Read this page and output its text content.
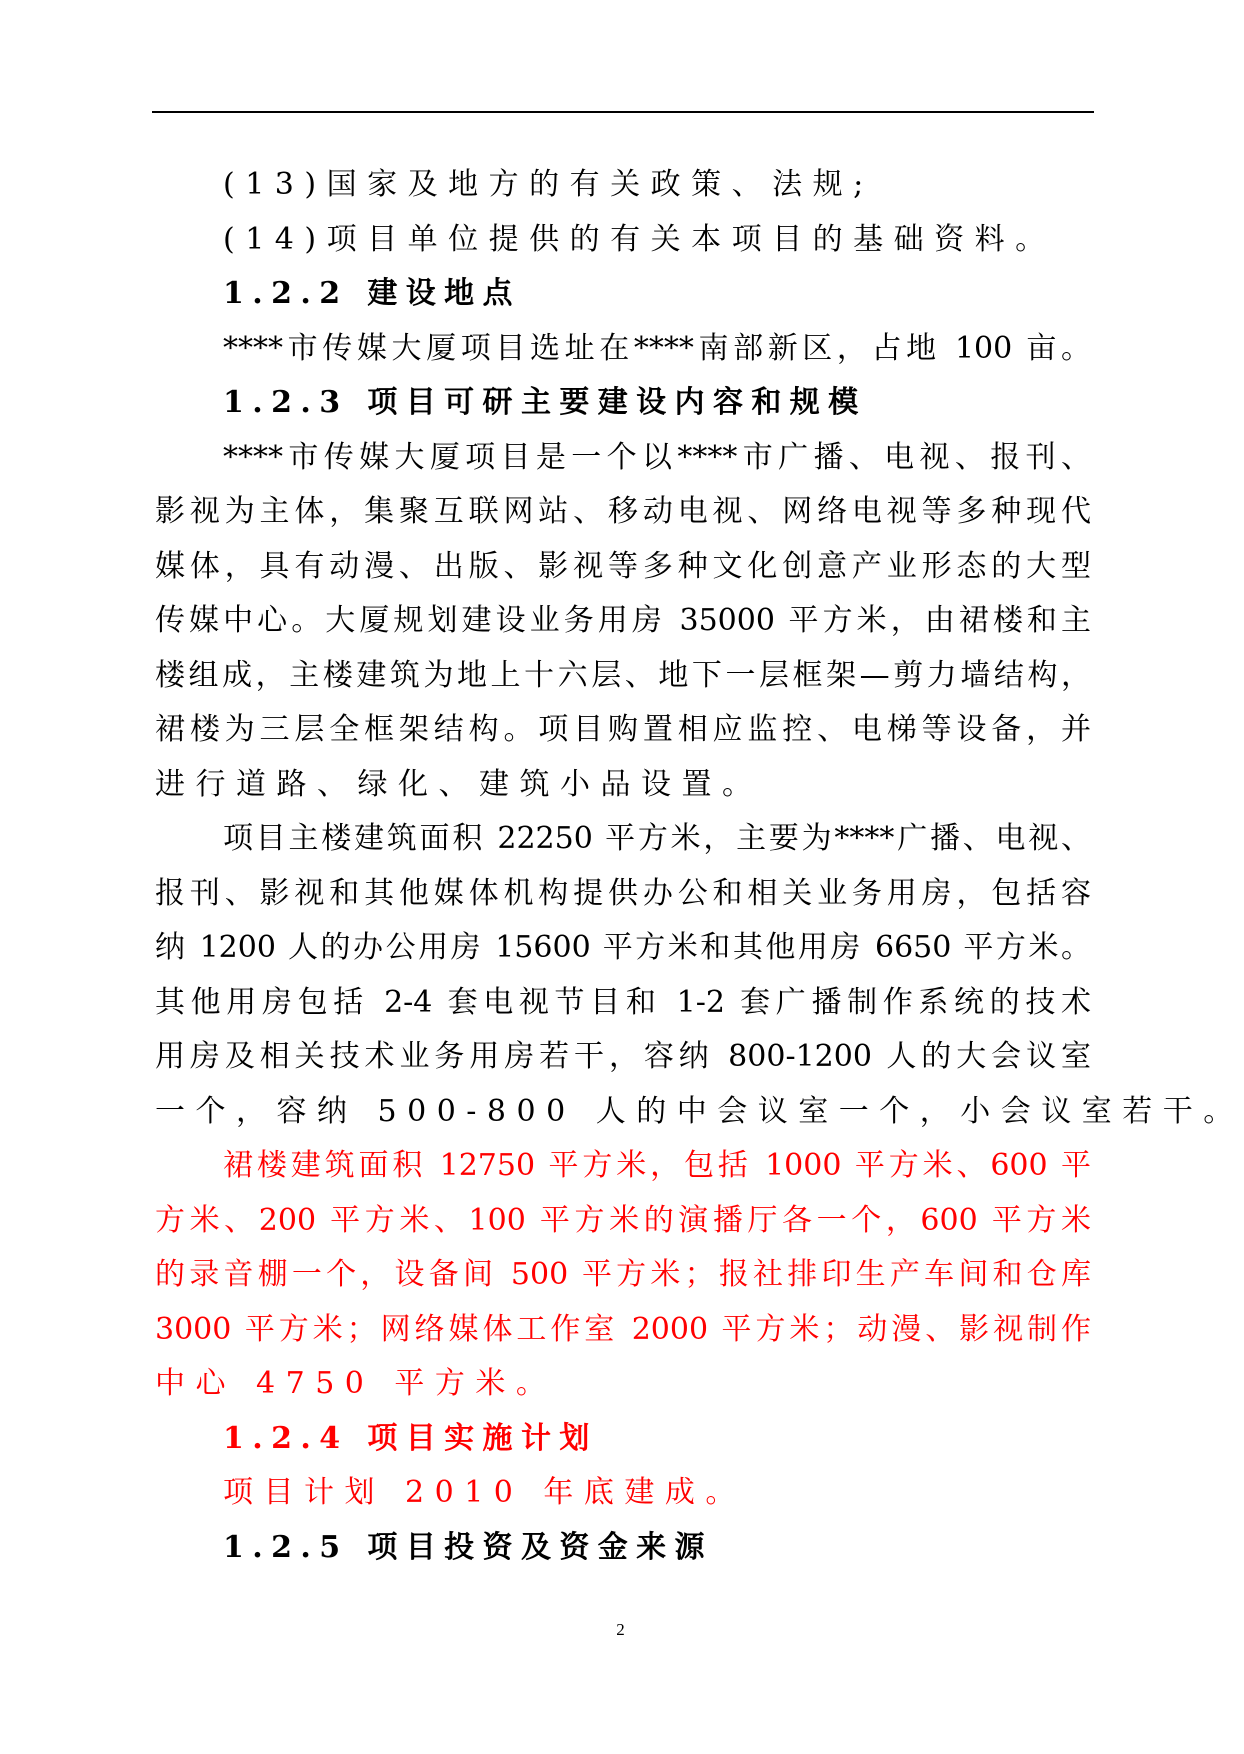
(13)国家及地方的有关政策、法规;
(14)项目单位提供的有关本项目的基础资料。
1.2.2 建设地点
****市传媒大厦项目选址在****南部新区，占地 100 亩。
1.2.3 项目可研主要建设内容和规模
****市传媒大厦项目是一个以****市广播、电视、报刊、
影视为主体，集聚互联网站、移动电视、网络电视等多种现代
媒体，具有动漫、出版、影视等多种文化创意产业形态的大型
传媒中心。大厦规划建设业务用房 35000 平方米，由裙楼和主
楼组成，主楼建筑为地上十六层、地下一层框架—剪力墙结构，
裙楼为三层全框架结构。项目购置相应监控、电梯等设备，并
进行道路、绿化、建筑小品设置。
项目主楼建筑面积 22250 平方米，主要为****广播、电视、
报刊、影视和其他媒体机构提供办公和相关业务用房，包括容
纳 1200 人的办公用房 15600 平方米和其他用房 6650 平方米。
其他用房包括 2-4 套电视节目和 1-2 套广播制作系统的技术
用房及相关技术业务用房若干，容纳 800-1200 人的大会议室
一个，容纳 500-800 人的中会议室一个，小会议室若干。
裙楼建筑面积 12750 平方米，包括 1000 平方米、600 平
方米、200 平方米、100 平方米的演播厅各一个，600 平方米
的录音棚一个，设备间 500 平方米；报社排印生产车间和仓库
3000 平方米；网络媒体工作室 2000 平方米；动漫、影视制作
中心 4750 平方米。
1.2.4 项目实施计划
项目计划 2010 年底建成。
1.2.5 项目投资及资金来源
2
